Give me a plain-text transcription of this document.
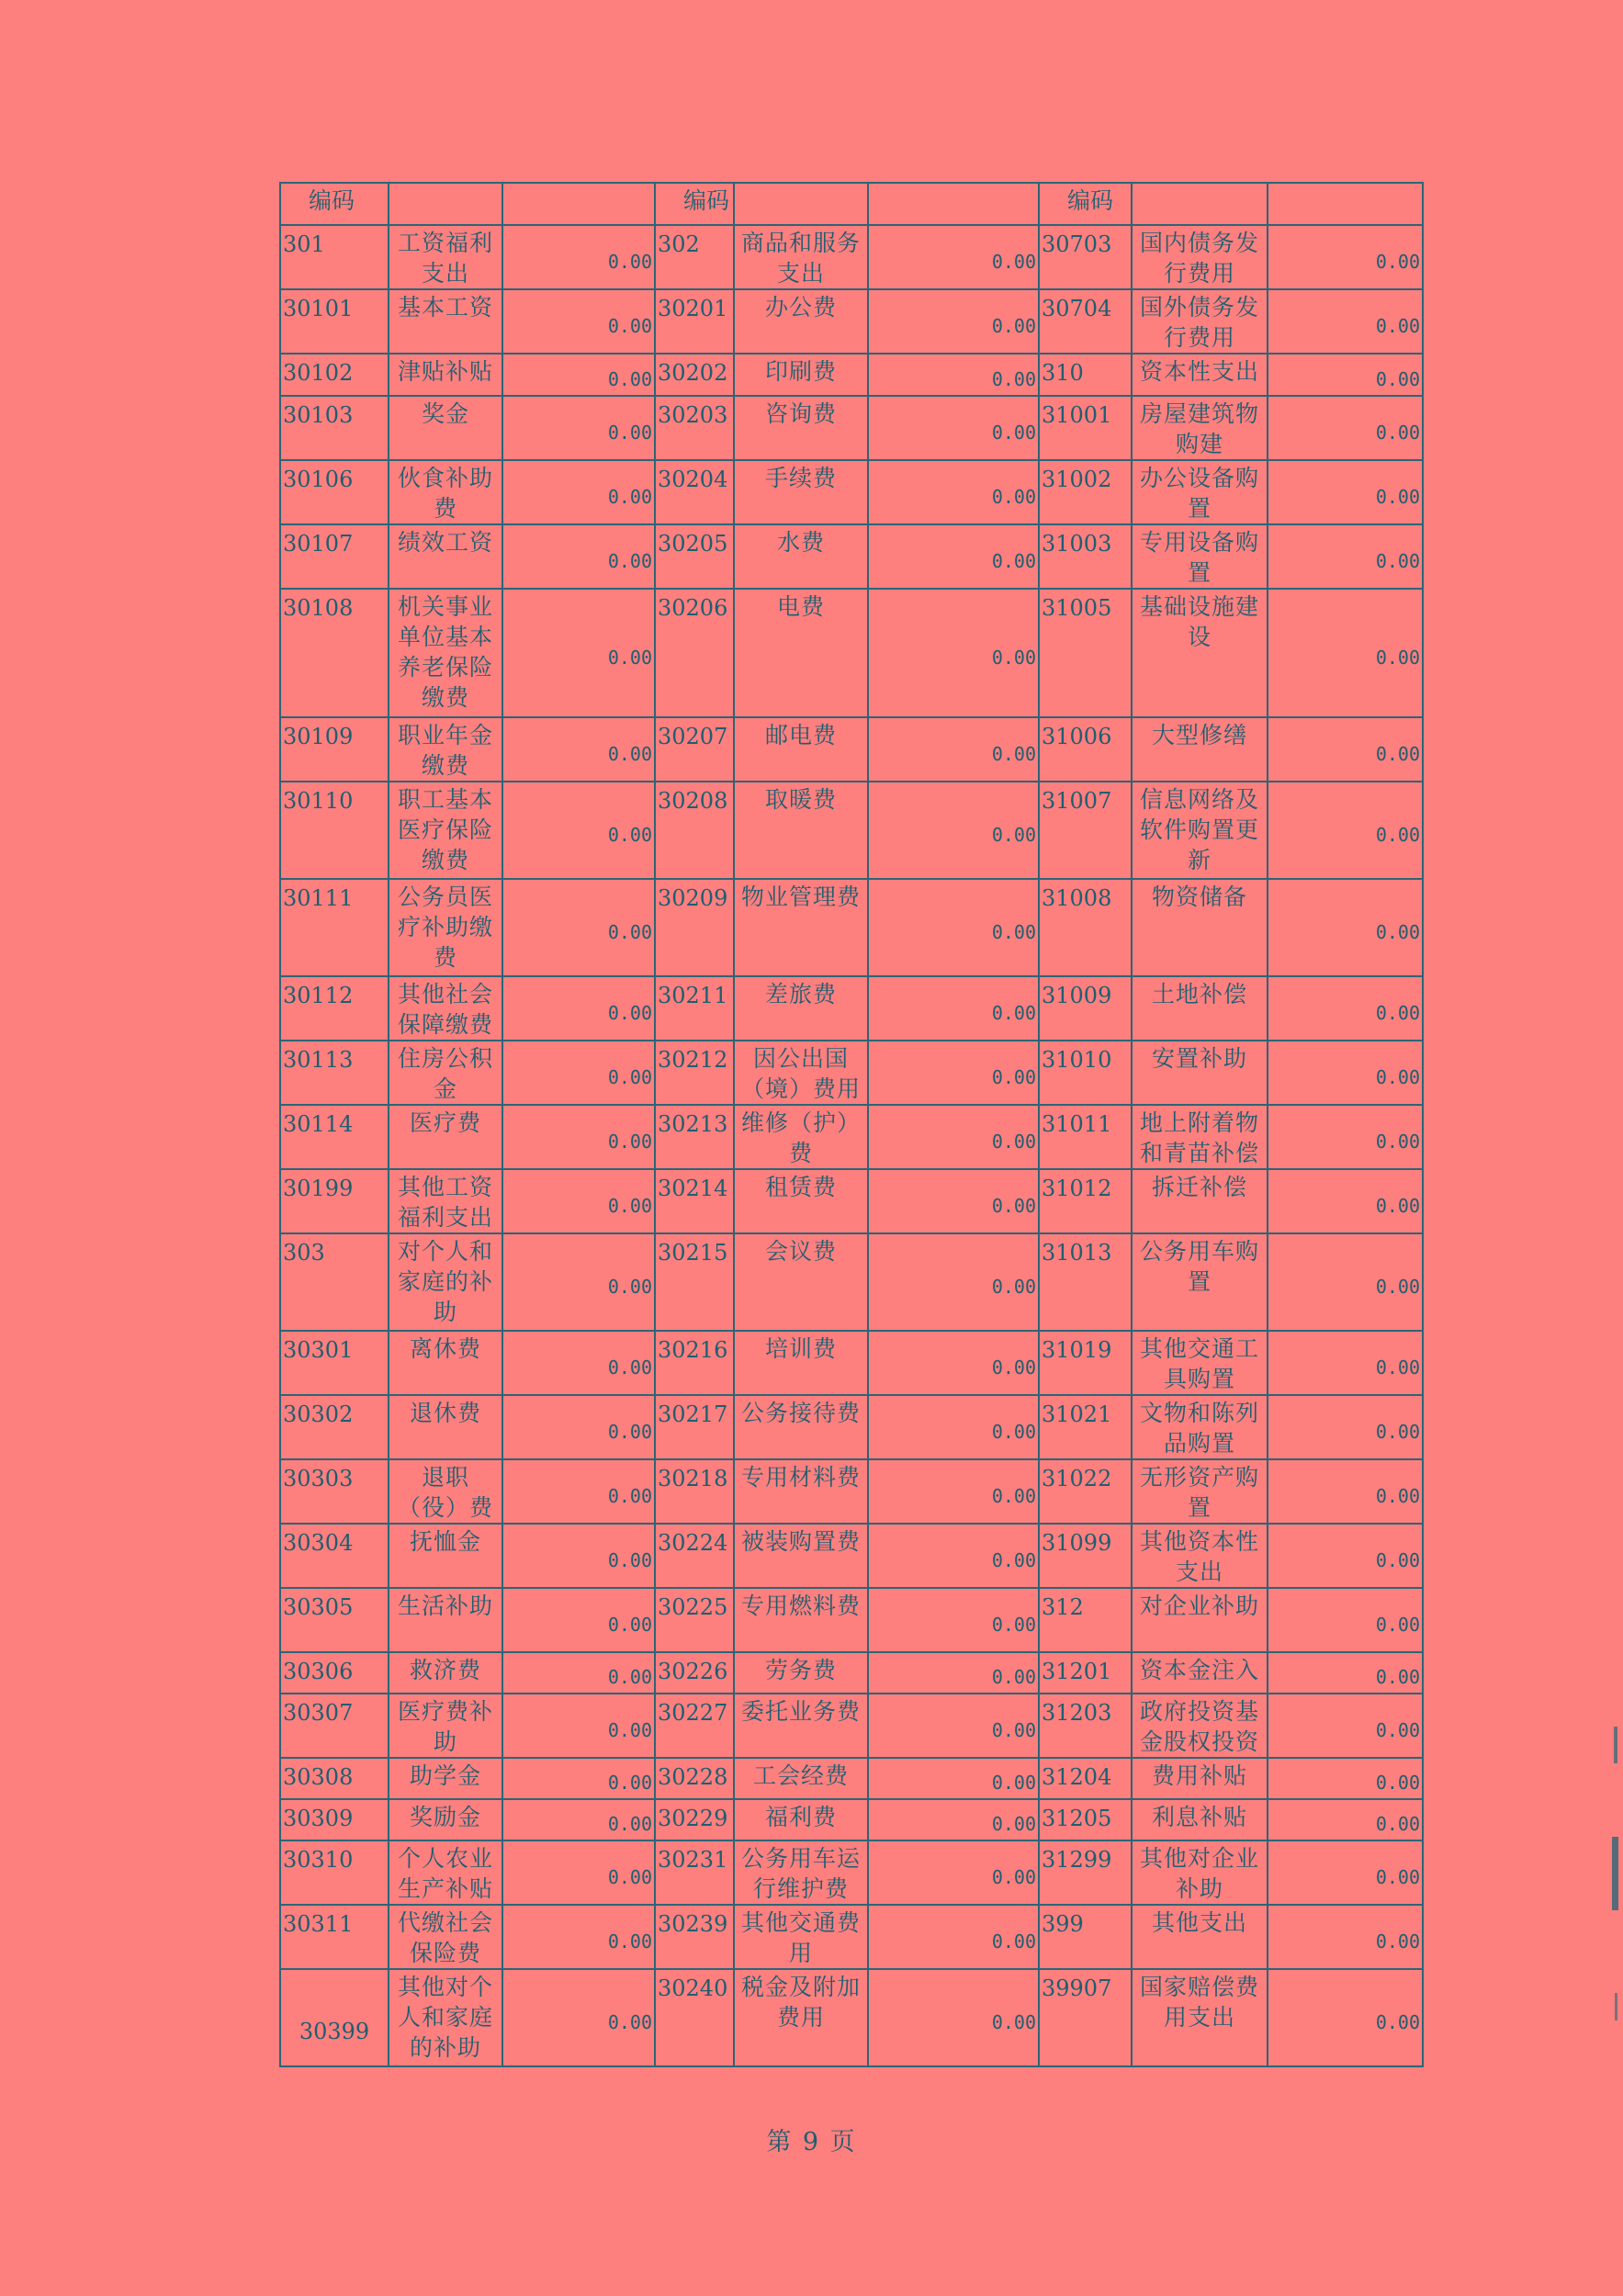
编码			编码			编码		
301	工资福利支出	0.00	302	商品和服务支出	0.00	30703	国内债务发行费用	0.00
30101	基本工资	0.00	30201	办公费	0.00	30704	国外债务发行费用	0.00
30102	津贴补贴	0.00	30202	印刷费	0.00	310	资本性支出	0.00
30103	奖金	0.00	30203	咨询费	0.00	31001	房屋建筑物购建	0.00
30106	伙食补助费	0.00	30204	手续费	0.00	31002	办公设备购置	0.00
30107	绩效工资	0.00	30205	水费	0.00	31003	专用设备购置	0.00
30108	机关事业单位基本养老保险缴费	0.00	30206	电费	0.00	31005	基础设施建设	0.00
30109	职业年金缴费	0.00	30207	邮电费	0.00	31006	大型修缮	0.00
30110	职工基本医疗保险缴费	0.00	30208	取暖费	0.00	31007	信息网络及软件购置更新	0.00
30111	公务员医疗补助缴费	0.00	30209	物业管理费	0.00	31008	物资储备	0.00
30112	其他社会保障缴费	0.00	30211	差旅费	0.00	31009	土地补偿	0.00
30113	住房公积金	0.00	30212	因公出国（境）费用	0.00	31010	安置补助	0.00
30114	医疗费	0.00	30213	维修（护）费	0.00	31011	地上附着物和青苗补偿	0.00
30199	其他工资福利支出	0.00	30214	租赁费	0.00	31012	拆迁补偿	0.00
303	对个人和家庭的补助	0.00	30215	会议费	0.00	31013	公务用车购置	0.00
30301	离休费	0.00	30216	培训费	0.00	31019	其他交通工具购置	0.00
30302	退休费	0.00	30217	公务接待费	0.00	31021	文物和陈列品购置	0.00
30303	退职（役）费	0.00	30218	专用材料费	0.00	31022	无形资产购置	0.00
30304	抚恤金	0.00	30224	被装购置费	0.00	31099	其他资本性支出	0.00
30305	生活补助	0.00	30225	专用燃料费	0.00	312	对企业补助	0.00
30306	救济费	0.00	30226	劳务费	0.00	31201	资本金注入	0.00
30307	医疗费补助	0.00	30227	委托业务费	0.00	31203	政府投资基金股权投资	0.00
30308	助学金	0.00	30228	工会经费	0.00	31204	费用补贴	0.00
30309	奖励金	0.00	30229	福利费	0.00	31205	利息补贴	0.00
30310	个人农业生产补贴	0.00	30231	公务用车运行维护费	0.00	31299	其他对企业补助	0.00
30311	代缴社会保险费	0.00	30239	其他交通费用	0.00	399	其他支出	0.00
30399	其他对个人和家庭的补助	0.00	30240	税金及附加费用	0.00	39907	国家赔偿费用支出	0.00
第 9 页
